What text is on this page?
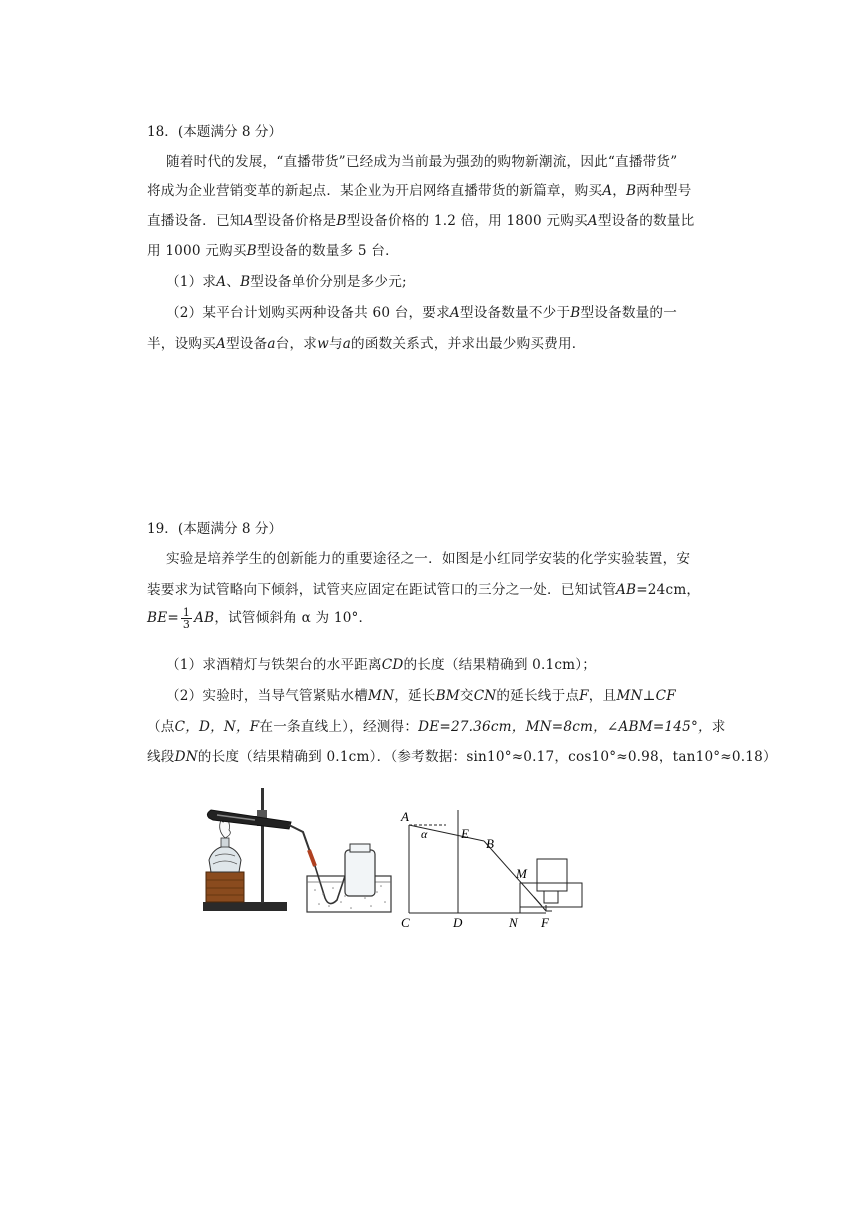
18．(本题满分 8 分）
随着时代的发展，“直播带货”已经成为当前最为强劲的购物新潮流，因此“直播带货”
将成为企业营销变革的新起点．某企业为开启网络直播带货的新篇章，购买A，B两种型号
直播设备．已知A型设备价格是B型设备价格的 1.2 倍，用 1800 元购买A型设备的数量比
用 1000 元购买B型设备的数量多 5 台．
（1）求A、B型设备单价分别是多少元;
（2）某平台计划购买两种设备共 60 台，要求A型设备数量不少于B型设备数量的一
半，设购买A型设备a台，求w与a的函数关系式，并求出最少购买费用．
19．(本题满分 8 分）
实验是培养学生的创新能力的重要途径之一．如图是小红同学安装的化学实验装置，安
装要求为试管略向下倾斜，试管夹应固定在距试管口的三分之一处．已知试管AB=24cm，
$BE= \frac{1}{3}$ AB，试管倾斜角 α 为 10°．
（1）求酒精灯与铁架台的水平距离CD的长度（结果精确到 0.1cm）；
（2）实验时，当导气管紧贴水槽MN，延长BM交CN的延长线于点F，且MN⊥CF
（点C，D，N，F在一条直线上），经测得：DE=27.36cm，MN=8cm，∠ABM=145°，求
线段DN的长度（结果精确到 0.1cm）．（参考数据：sin10°≈0.17，cos10°≈0.98，tan10°≈0.18）
A
α	E
B
M
C	D	N F
